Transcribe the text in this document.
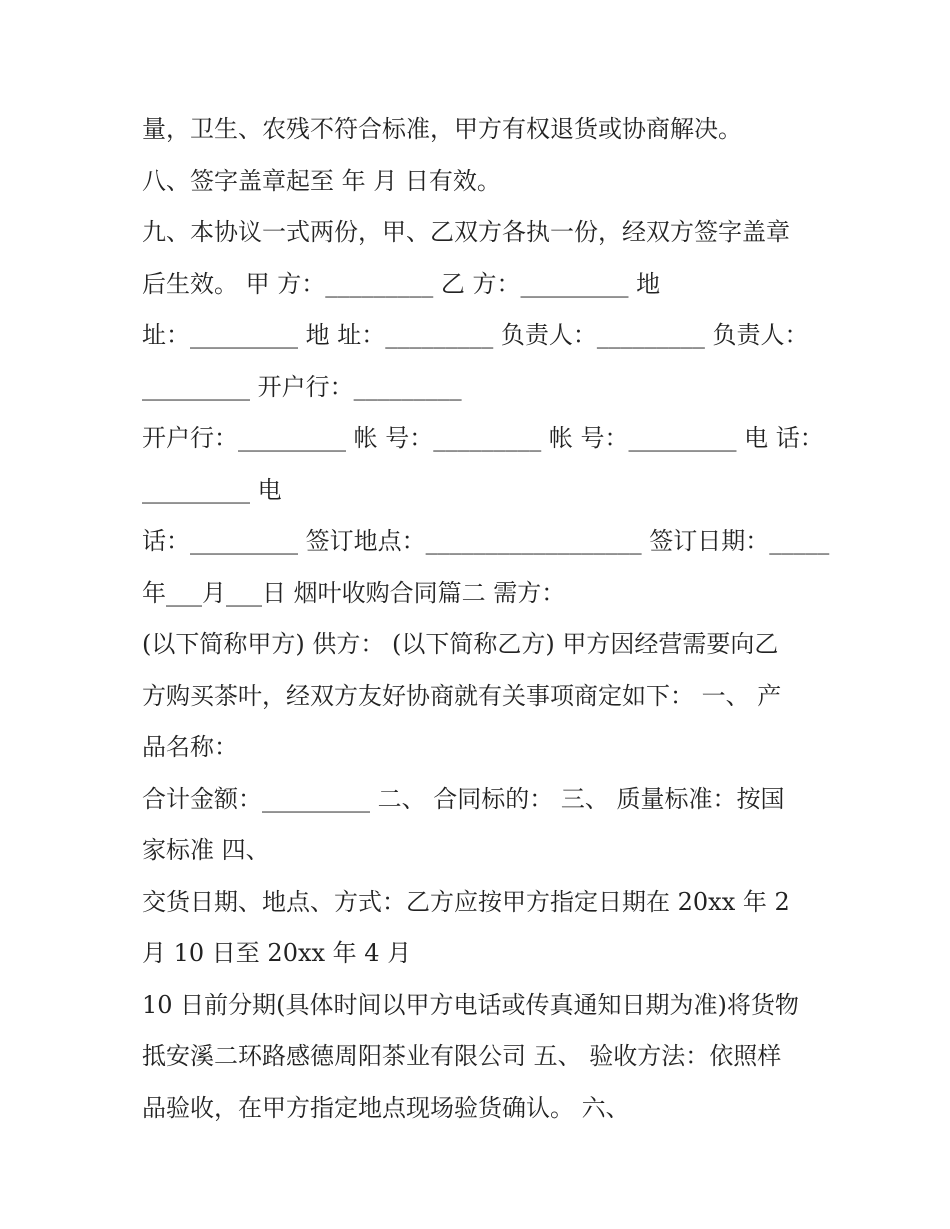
量，卫生、农残不符合标准，甲方有权退货或协商解决。
八、签字盖章起至 年 月 日有效。
九、本协议一式两份，甲、乙双方各执一份，经双方签字盖章
后生效。 甲 方：_________ 乙 方：_________ 地
址：_________ 地 址：_________ 负责人：_________ 负责人：
_________ 开户行：_________
开户行：_________ 帐 号：_________ 帐 号：_________ 电 话：
_________ 电
话：_________ 签订地点：__________________ 签订日期：_____
年___月___日 烟叶收购合同篇二 需方：
(以下简称甲方) 供方： (以下简称乙方) 甲方因经营需要向乙
方购买茶叶，经双方友好协商就有关事项商定如下： 一、 产
品名称：
合计金额：_________ 二、 合同标的： 三、 质量标准：按国
家标准 四、
交货日期、地点、方式：乙方应按甲方指定日期在 20xx 年 2
月 10 日至 20xx 年 4 月
10 日前分期(具体时间以甲方电话或传真通知日期为准)将货物
抵安溪二环路感德周阳茶业有限公司 五、 验收方法：依照样
品验收，在甲方指定地点现场验货确认。 六、
